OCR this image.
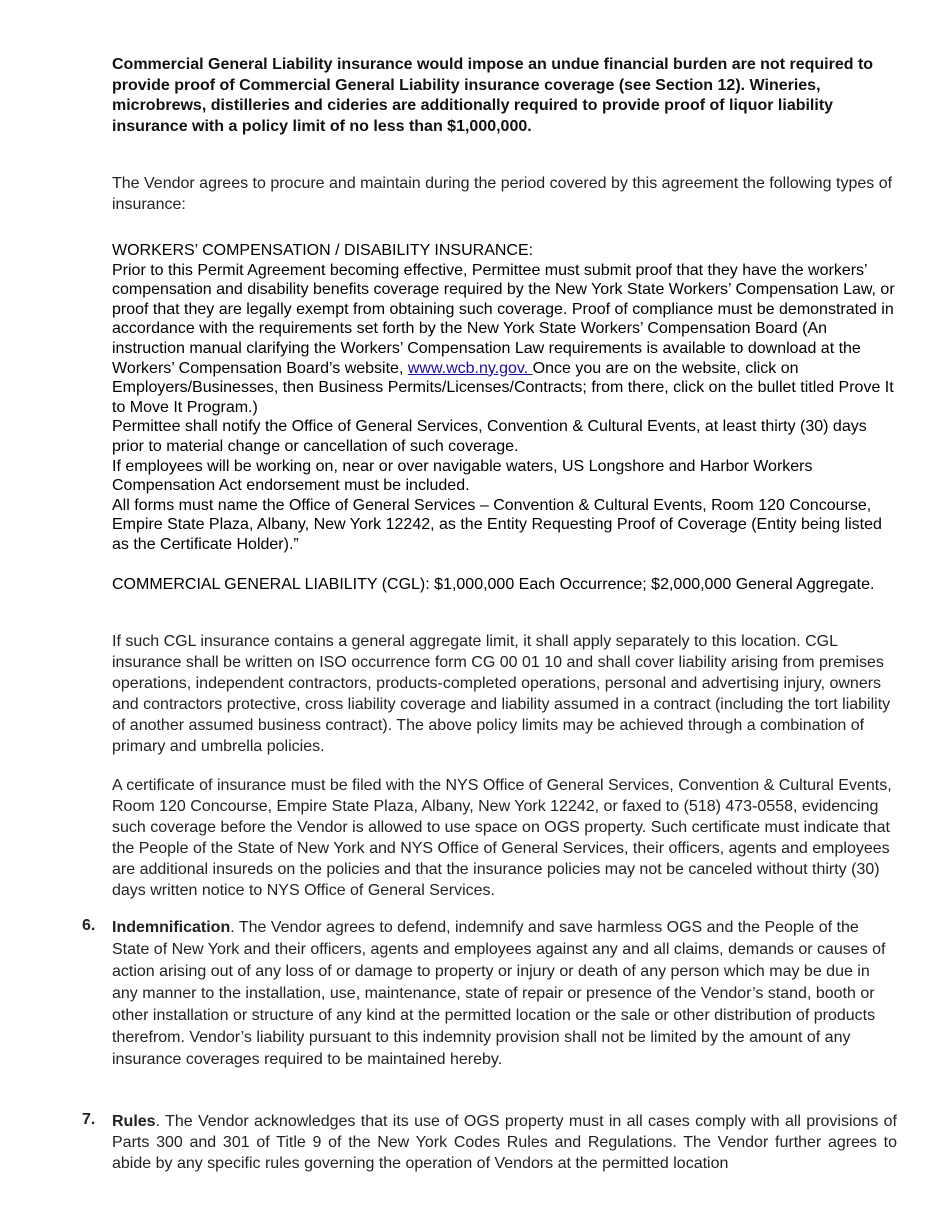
Commercial General Liability insurance would impose an undue financial burden are not required to provide proof of Commercial General Liability insurance coverage (see Section 12). Wineries, microbrews, distilleries and cideries are additionally required to provide proof of liquor liability insurance with a policy limit of no less than $1,000,000.
The Vendor agrees to procure and maintain during the period covered by this agreement the following types of insurance:
WORKERS’ COMPENSATION / DISABILITY INSURANCE:
Prior to this Permit Agreement becoming effective, Permittee must submit proof that they have the workers’ compensation and disability benefits coverage required by the New York State Workers’ Compensation Law, or proof that they are legally exempt from obtaining such coverage. Proof of compliance must be demonstrated in accordance with the requirements set forth by the New York State Workers’ Compensation Board (An instruction manual clarifying the Workers’ Compensation Law requirements is available to download at the Workers’ Compensation Board’s website, www.wcb.ny.gov. Once you are on the website, click on Employers/Businesses, then Business Permits/Licenses/Contracts; from there, click on the bullet titled Prove It to Move It Program.)
Permittee shall notify the Office of General Services, Convention & Cultural Events, at least thirty (30) days prior to material change or cancellation of such coverage.
If employees will be working on, near or over navigable waters, US Longshore and Harbor Workers Compensation Act endorsement must be included.
All forms must name the Office of General Services – Convention & Cultural Events, Room 120 Concourse, Empire State Plaza, Albany, New York 12242, as the Entity Requesting Proof of Coverage (Entity being listed as the Certificate Holder).”
COMMERCIAL GENERAL LIABILITY (CGL): $1,000,000 Each Occurrence; $2,000,000 General Aggregate.
If such CGL insurance contains a general aggregate limit, it shall apply separately to this location. CGL insurance shall be written on ISO occurrence form CG 00 01 10 and shall cover liability arising from premises operations, independent contractors, products-completed operations, personal and advertising injury, owners and contractors protective, cross liability coverage and liability assumed in a contract (including the tort liability of another assumed business contract). The above policy limits may be achieved through a combination of primary and umbrella policies.
A certificate of insurance must be filed with the NYS Office of General Services, Convention & Cultural Events, Room 120 Concourse, Empire State Plaza, Albany, New York 12242, or faxed to (518) 473-0558, evidencing such coverage before the Vendor is allowed to use space on OGS property. Such certificate must indicate that the People of the State of New York and NYS Office of General Services, their officers, agents and employees are additional insureds on the policies and that the insurance policies may not be canceled without thirty (30) days written notice to NYS Office of General Services.
6. Indemnification. The Vendor agrees to defend, indemnify and save harmless OGS and the People of the State of New York and their officers, agents and employees against any and all claims, demands or causes of action arising out of any loss of or damage to property or injury or death of any person which may be due in any manner to the installation, use, maintenance, state of repair or presence of the Vendor’s stand, booth or other installation or structure of any kind at the permitted location or the sale or other distribution of products therefrom. Vendor’s liability pursuant to this indemnity provision shall not be limited by the amount of any insurance coverages required to be maintained hereby.
7. Rules. The Vendor acknowledges that its use of OGS property must in all cases comply with all provisions of Parts 300 and 301 of Title 9 of the New York Codes Rules and Regulations. The Vendor further agrees to abide by any specific rules governing the operation of Vendors at the permitted location
